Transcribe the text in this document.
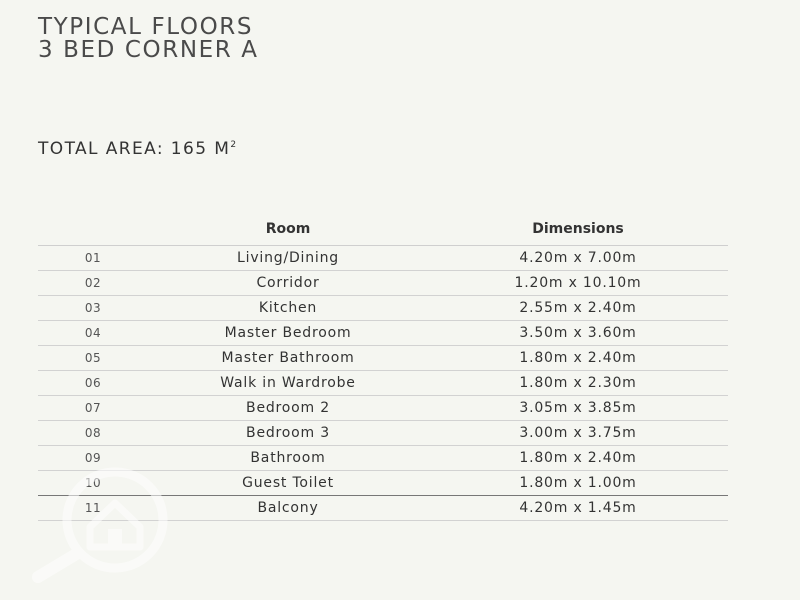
TYPICAL FLOORS
3 BED CORNER A
TOTAL AREA: 165 $M^2$
	Room	Dimensions
01	Living/Dining	4.20m x 7.00m
02	Corridor	1.20m x 10.10m
03	Kitchen	2.55m x 2.40m
04	Master Bedroom	3.50m x 3.60m
05	Master Bathroom	1.80m x 2.40m
06	Walk in Wardrobe	1.80m x 2.30m
07	Bedroom 2	3.05m x 3.85m
08	Bedroom 3	3.00m x 3.75m
09	Bathroom	1.80m x 2.40m
10	Guest Toilet	1.80m x 1.00m
11	Balcony	4.20m x 1.45m
